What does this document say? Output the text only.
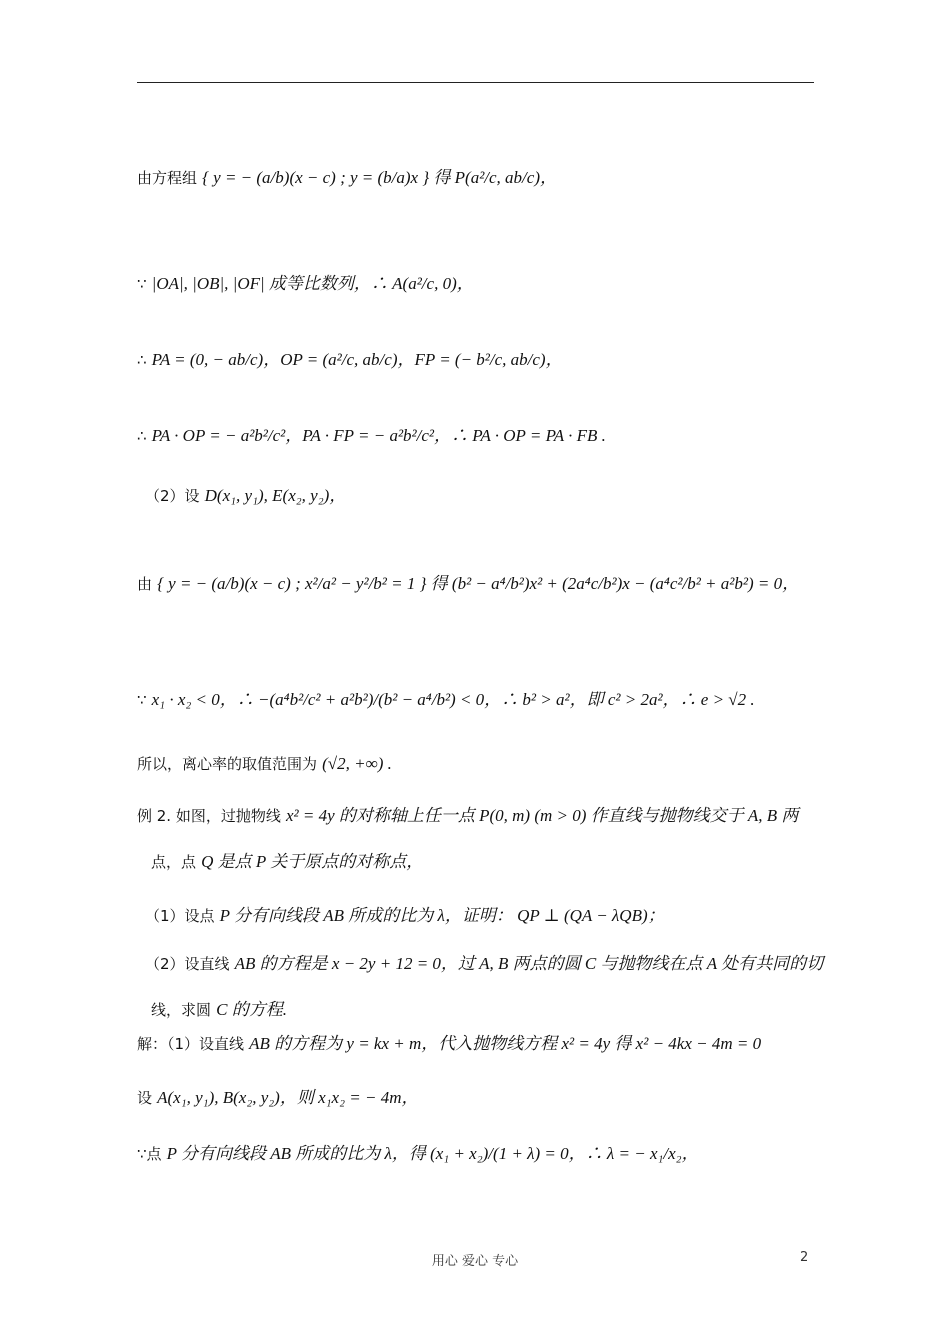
由方程组 { y = − (a/b)(x − c) ; y = (b/a)x } 得 P(a²/c, ab/c)，
∵ |OA|, |OB|, |OF| 成等比数列，∴ A(a²/c, 0)，
∴ PA = (0, − ab/c)，OP = (a²/c, ab/c)，FP = (− b²/c, ab/c)，
∴ PA · OP = − a²b²/c²，PA · FP = − a²b²/c²，∴ PA · OP = PA · FB .
（2）设 D(x₁, y₁), E(x₂, y₂)，
由 { y = − (a/b)(x − c) ; x²/a² − y²/b² = 1 } 得 (b² − a⁴/b²)x² + (2a⁴c/b²)x − (a⁴c²/b² + a²b²) = 0，
∵ x₁ · x₂ < 0，∴ −(a⁴b²/c² + a²b²)/(b² − a⁴/b²) < 0，∴ b² > a²，即 c² > 2a²，∴ e > √2 .
所以，离心率的取值范围为 (√2, +∞) .
例 2. 如图，过抛物线 x² = 4y 的对称轴上任一点 P(0, m) (m > 0) 作直线与抛物线交于 A, B 两
点，点 Q 是点 P 关于原点的对称点，
（1）设点 P 分有向线段 AB 所成的比为 λ，证明： QP ⊥ (QA − λQB)；
（2）设直线 AB 的方程是 x − 2y + 12 = 0，过 A, B 两点的圆 C 与抛物线在点 A 处有共同的切
线，求圆 C 的方程.
解：（1）设直线 AB 的方程为 y = kx + m，代入抛物线方程 x² = 4y 得 x² − 4kx − 4m = 0
设 A(x₁, y₁), B(x₂, y₂)，则 x₁x₂ = − 4m，
∵点 P 分有向线段 AB 所成的比为 λ，得 (x₁ + x₂)/(1 + λ) = 0，∴ λ = − x₁/x₂，
用心 爱心 专心	2
